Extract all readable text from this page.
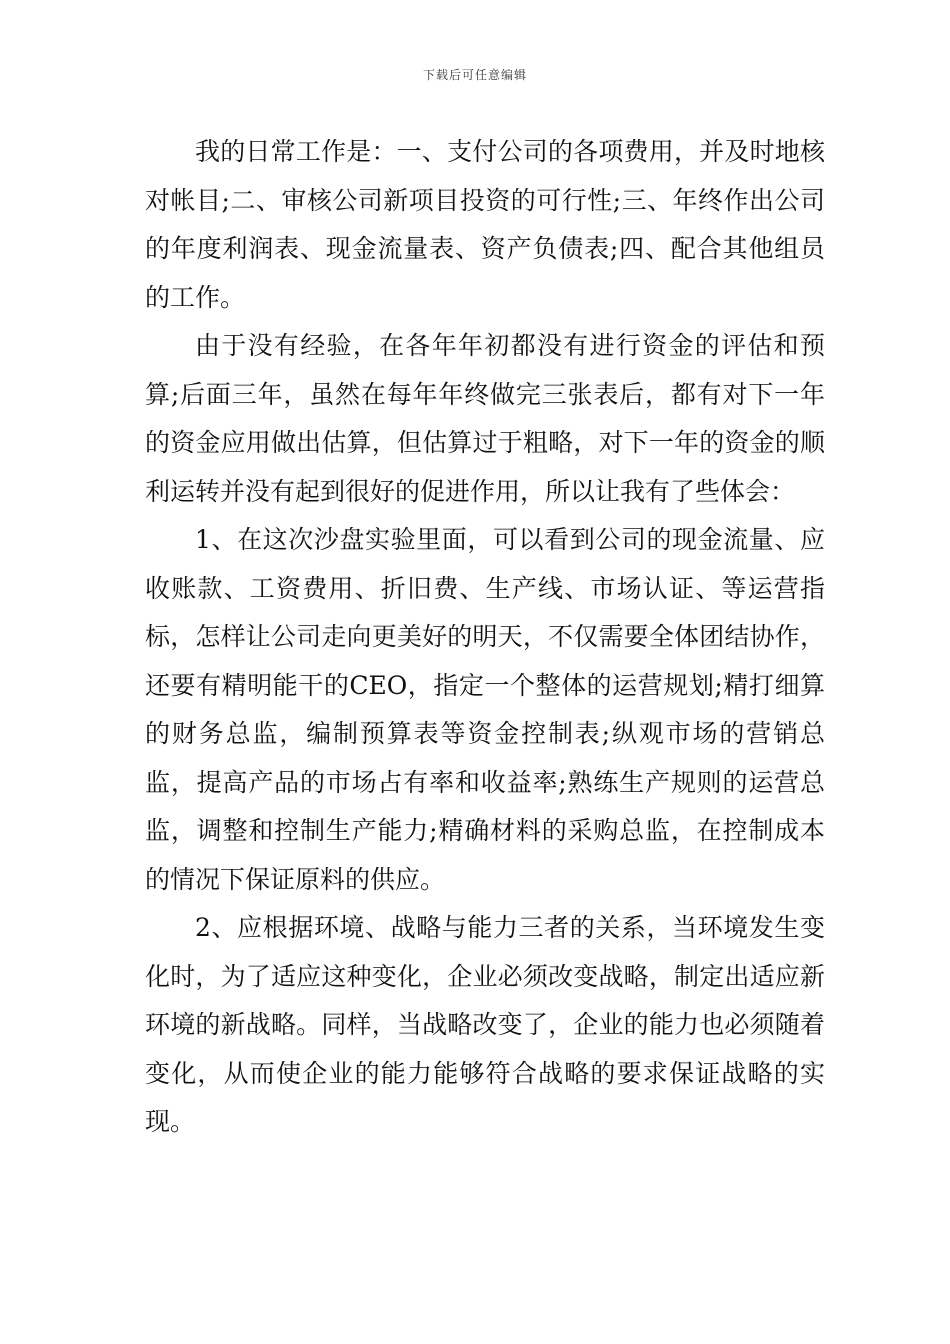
下载后可任意编辑

我的日常工作是：一、支付公司的各项费用，并及时地核对帐目;二、审核公司新项目投资的可行性;三、年终作出公司的年度利润表、现金流量表、资产负债表;四、配合其他组员的工作。

由于没有经验，在各年年初都没有进行资金的评估和预算;后面三年，虽然在每年年终做完三张表后，都有对下一年的资金应用做出估算，但估算过于粗略，对下一年的资金的顺利运转并没有起到很好的促进作用，所以让我有了些体会：

1、在这次沙盘实验里面，可以看到公司的现金流量、应收账款、工资费用、折旧费、生产线、市场认证、等运营指标，怎样让公司走向更美好的明天，不仅需要全体团结协作，还要有精明能干的CEO，指定一个整体的运营规划;精打细算的财务总监，编制预算表等资金控制表;纵观市场的营销总监，提高产品的市场占有率和收益率;熟练生产规则的运营总监，调整和控制生产能力;精确材料的采购总监，在控制成本的情况下保证原料的供应。

2、应根据环境、战略与能力三者的关系，当环境发生变化时，为了适应这种变化，企业必须改变战略，制定出适应新环境的新战略。同样，当战略改变了，企业的能力也必须随着变化，从而使企业的能力能够符合战略的要求保证战略的实现。
